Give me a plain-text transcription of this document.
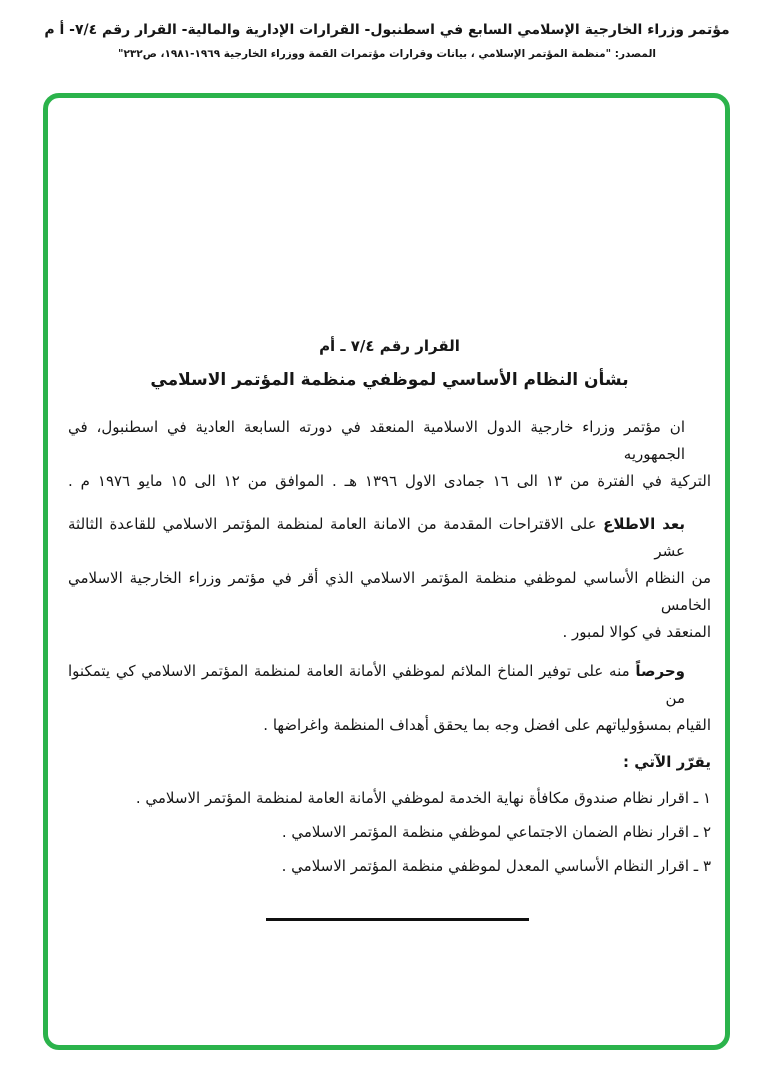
مؤتمر وزراء الخارجية الإسلامي السابع في اسطنبول- القرارات الإدارية والمالية- القرار رقم ٧/٤- أ م
المصدر: "منظمة المؤتمر الإسلامي ، بيانات وقرارات مؤتمرات القمة ووزراء الخارجية ١٩٦٩-١٩٨١، ص٢٣٢"
القرار رقم ٧/٤ ـ أم
بشأن النظام الأساسي لموظفي منظمة المؤتمر الاسلامي
ان مؤتمر وزراء خارجية الدول الاسلامية المنعقد في دورته السابعة العادية في اسطنبول، في الجمهوريه
التركية في الفترة من ١٣ الى ١٦ جمادى الاول ١٣٩٦ هـ . الموافق من ١٢ الى ١٥ مايو ١٩٧٦ م .
بعد الاطلاع على الاقتراحات المقدمة من الامانة العامة لمنظمة المؤتمر الاسلامي للقاعدة الثالثة عشر
من النظام الأساسي لموظفي منظمة المؤتمر الاسلامي الذي أقر في مؤتمر وزراء الخارجية الاسلامي الخامس
المنعقد في كوالا لمبور .
وحرصاً منه على توفير المناخ الملائم لموظفي الأمانة العامة لمنظمة المؤتمر الاسلامي كي يتمكنوا من
القيام بمسؤولياتهم على افضل وجه بما يحقق أهداف المنظمة واغراضها .
يقرّر الآتي :
١ ـ اقرار نظام صندوق مكافأة نهاية الخدمة لموظفي الأمانة العامة لمنظمة المؤتمر الاسلامي .
٢ ـ اقرار نظام الضمان الاجتماعي لموظفي منظمة المؤتمر الاسلامي .
٣ ـ اقرار النظام الأساسي المعدل لموظفي منظمة المؤتمر الاسلامي .
